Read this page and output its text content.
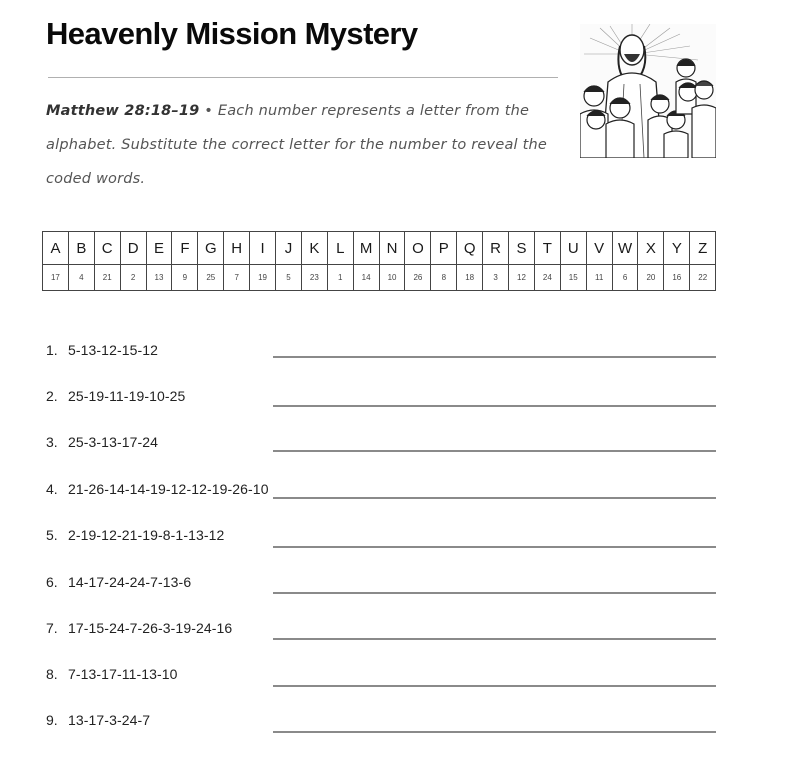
Heavenly Mission Mystery

Matthew 28:18–19 • Each number represents a letter from the alphabet. Substitute the correct letter for the number to reveal the coded words.

A	B	C	D	E	F	G	H	I	J	K	L	M	N	O	P	Q	R	S	T	U	V	W	X	Y	Z
17	4	21	2	13	9	25	7	19	5	23	1	14	10	26	8	18	3	12	24	15	11	6	20	16	22
1. 5-13-12-15-12
2. 25-19-11-19-10-25
3. 25-3-13-17-24
4. 21-26-14-14-19-12-12-19-26-10
5. 2-19-12-21-19-8-1-13-12
6. 14-17-24-24-7-13-6
7. 17-15-24-7-26-3-19-24-16
8. 7-13-17-11-13-10
9. 13-17-3-24-7
